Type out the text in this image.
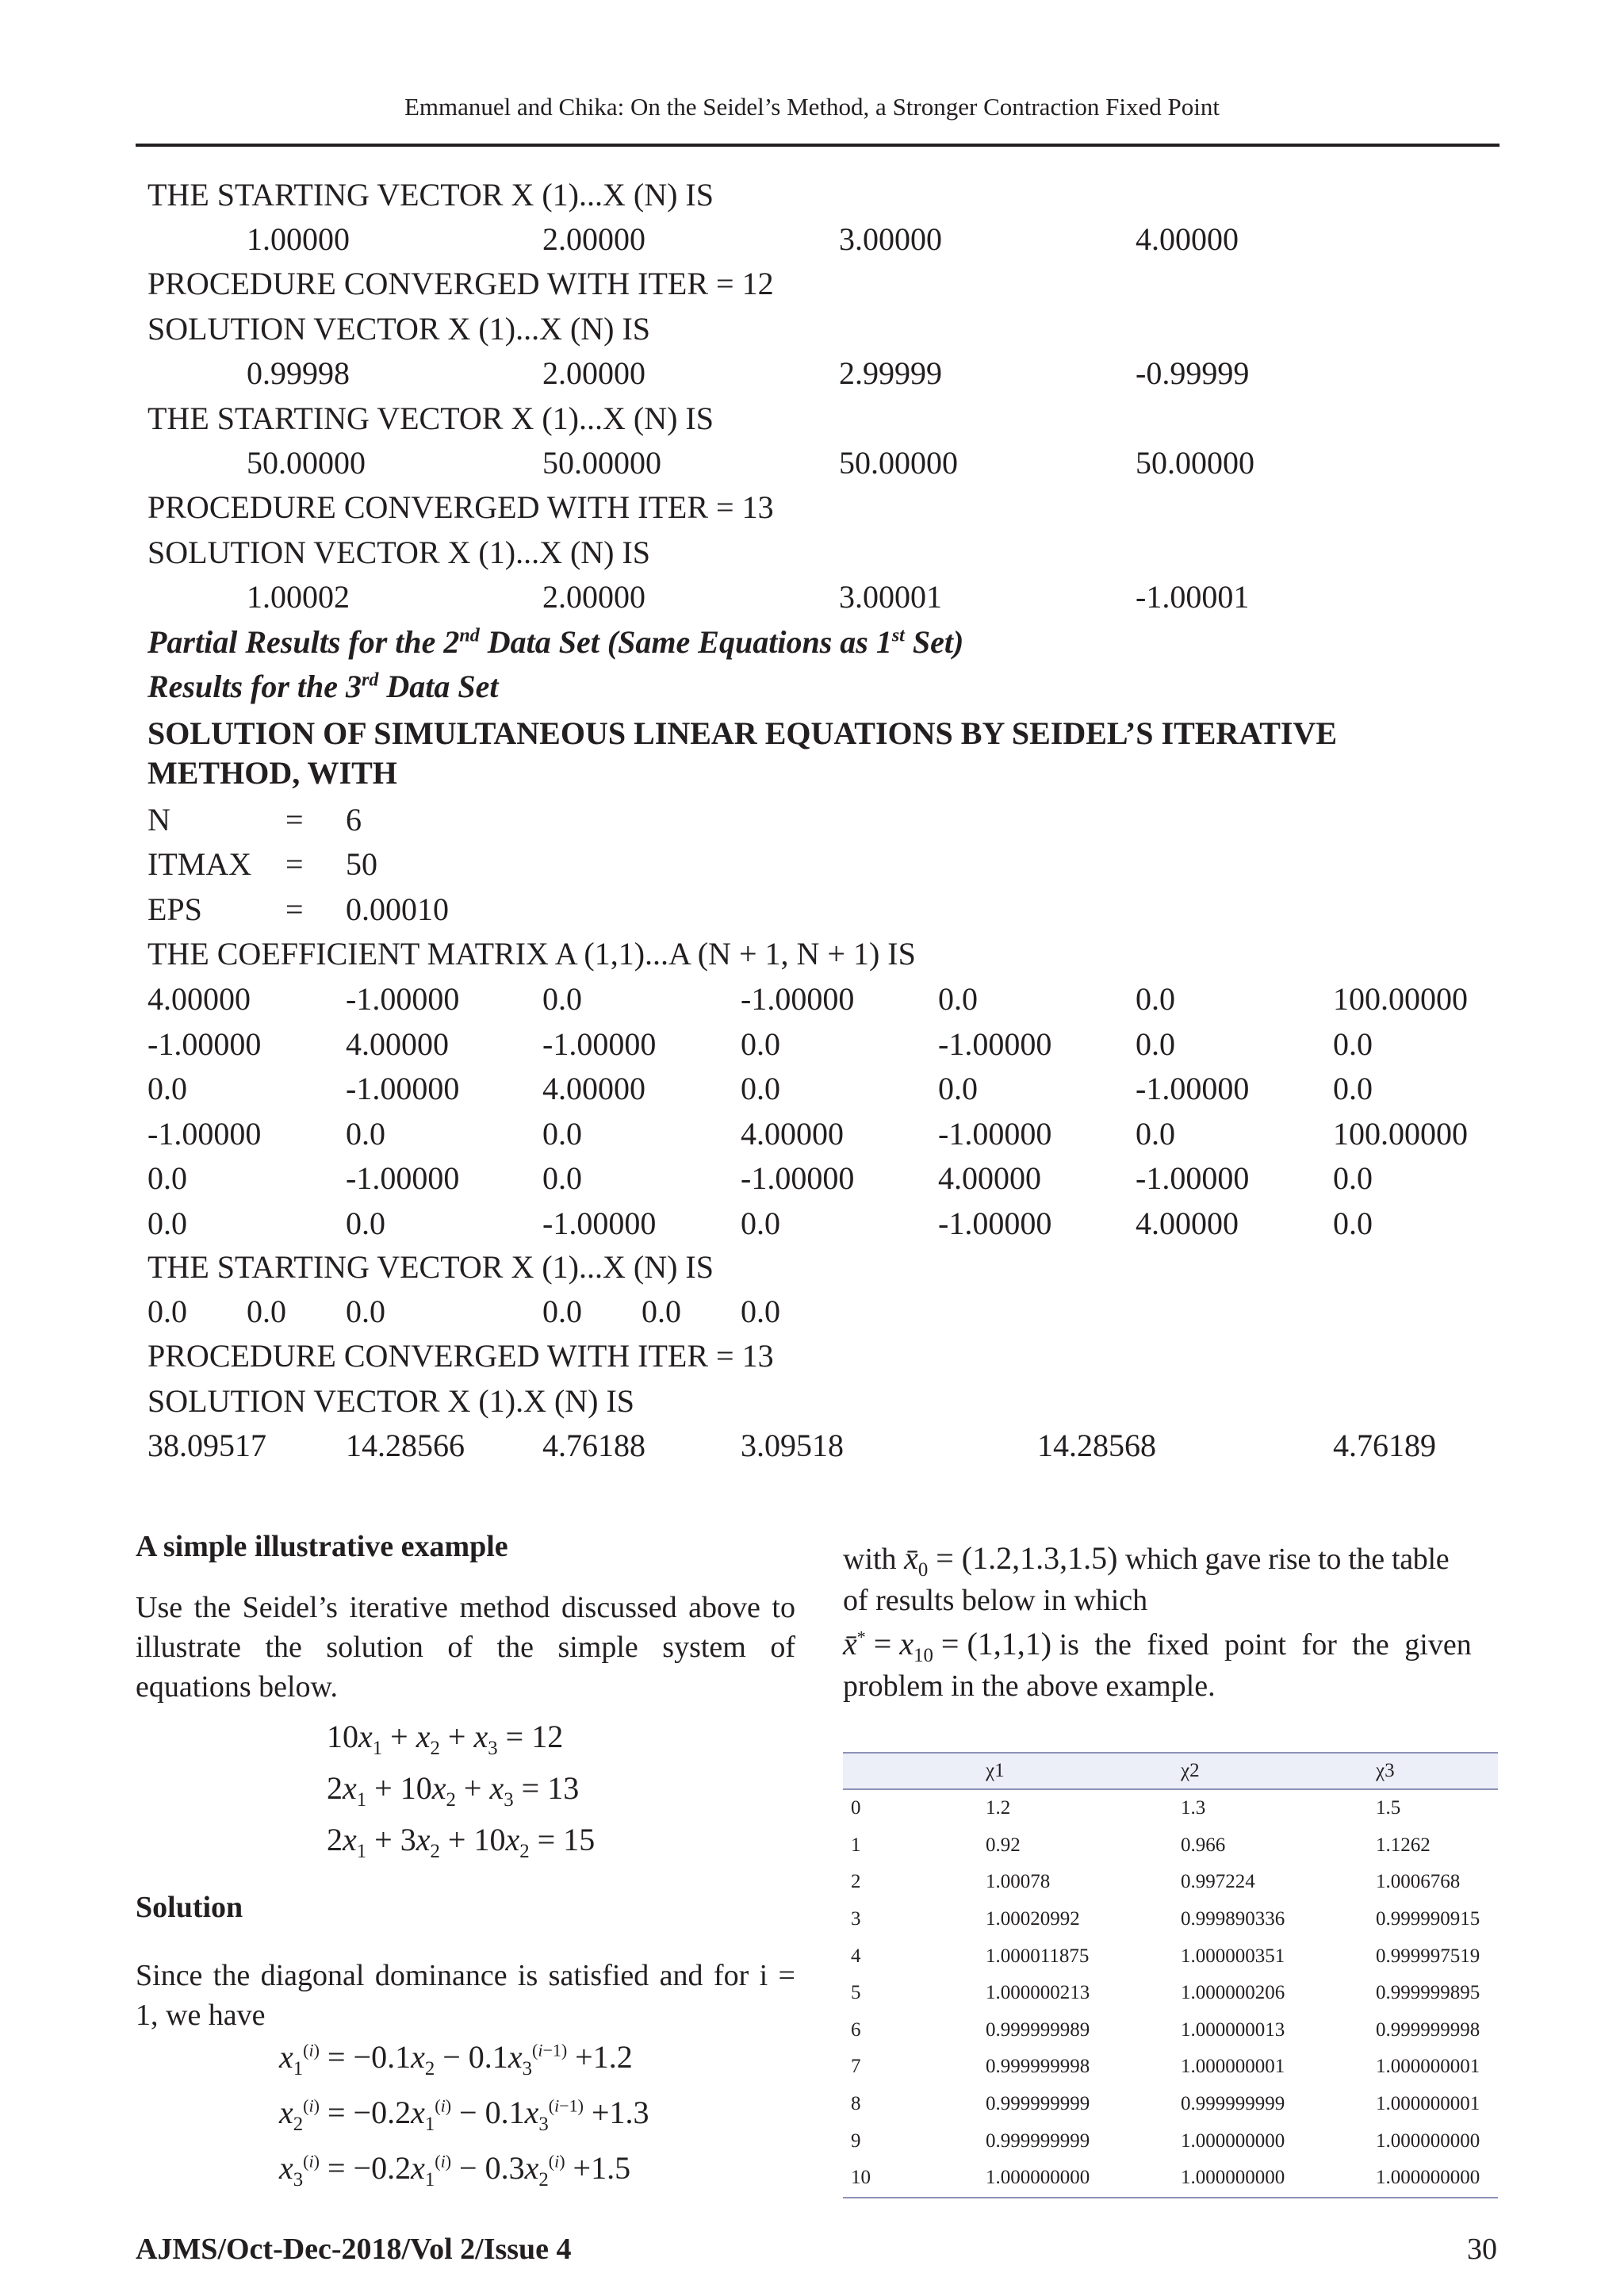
Emmanuel and Chika: On the Seidel’s Method, a Stronger Contraction Fixed Point
THE STARTING VECTOR X (1)...X (N) IS
1.00000	2.00000	3.00000	4.00000
PROCEDURE CONVERGED WITH ITER = 12
SOLUTION VECTOR X (1)...X (N) IS
0.99998	2.00000	2.99999	-0.99999
THE STARTING VECTOR X (1)...X (N) IS
50.00000	50.00000	50.00000	50.00000
PROCEDURE CONVERGED WITH ITER = 13
SOLUTION VECTOR X (1)...X (N) IS
1.00002	2.00000	3.00001	-1.00001
Partial Results for the 2nd Data Set (Same Equations as 1st Set)
Results for the 3rd Data Set
SOLUTION OF SIMULTANEOUS LINEAR EQUATIONS BY SEIDEL’S ITERATIVE
METHOD, WITH
N	= 6
ITMAX = 50
EPS	= 0.00010
THE COEFFICIENT MATRIX A (1,1)...A (N + 1, N + 1) IS
4.00000	-1.00000	0.0	-1.00000	0.0	0.0	100.00000
-1.00000	4.00000	-1.00000	0.0	-1.00000	0.0	0.0
0.0	-1.00000	4.00000	0.0	0.0	-1.00000	0.0
-1.00000	0.0	0.0	4.00000	-1.00000	0.0	100.00000
0.0	-1.00000	0.0	-1.00000	4.00000	-1.00000	0.0
0.0	0.0	-1.00000	0.0	-1.00000	4.00000	0.0
THE STARTING VECTOR X (1)...X (N) IS
0.0 0.0 0.0	0.0 0.0 0.0
PROCEDURE CONVERGED WITH ITER = 13
SOLUTION VECTOR X (1).X (N) IS
38.09517	14.28566 4.76188	3.09518	14.28568	4.76189
A simple illustrative example
Use the Seidel’s iterative method discussed above to illustrate the solution of the simple system of equations below.
$10x_1 + x_2 + x_3 = 12$
$2x_1 + 10x_2 + x_3 = 13$
$2x_1 + 3x_2 + 10x_2 = 15$
Solution
Since the diagonal dominance is satisfied and for i = 1, we have
$x_1^{(i)} = -0.1x_2 - 0.1x_3^{(i-1)} +1.2$
$x_2^{(i)} = -0.2x_1^{(i)} - 0.1x_3^{(i-1)} +1.3$
$x_3^{(i)} = -0.2x_1^{(i)} - 0.3x_2^{(i)} +1.5$
with $x̄_0 = (1.2,1.3,1.5)$ which gave rise to the table
of results below in which
x̄* = $x_{10} = (1,1,1)$ is the fixed point for the given
problem in the above example.
	χ1	χ2	χ3
0	1.2	1.3	1.5
1	0.92	0.966	1.1262
2	1.00078	0.997224	1.0006768
3	1.00020992	0.999890336	0.999990915
4	1.000011875	1.000000351	0.999997519
5	1.000000213	1.000000206	0.999999895
6	0.999999989	1.000000013	0.999999998
7	0.999999998	1.000000001	1.000000001
8	0.999999999	0.999999999	1.000000001
9	0.999999999	1.000000000	1.000000000
10	1.000000000	1.000000000	1.000000000
AJMS/Oct-Dec-2018/Vol 2/Issue 4	30
